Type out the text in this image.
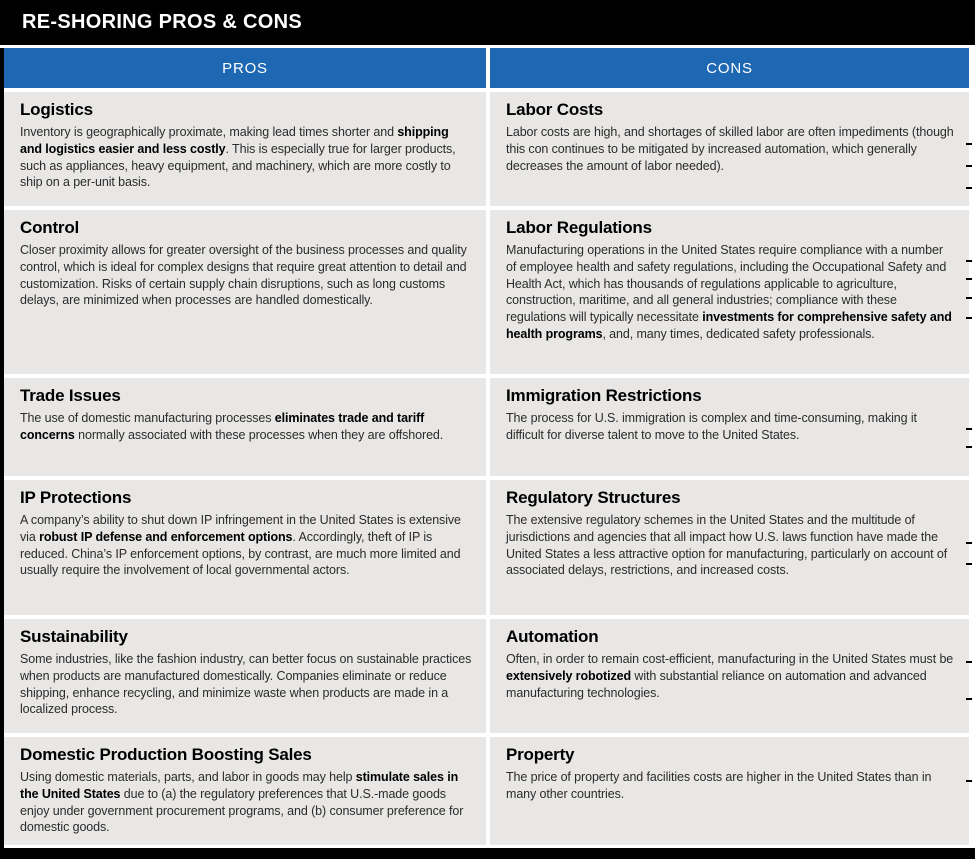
RE-SHORING PROS & CONS
PROS	CONS
Logistics

Inventory is geographically proximate, making lead times shorter and shipping and logistics easier and less costly. This is especially true for larger products, such as appliances, heavy equipment, and machinery, which are more costly to ship on a per-unit basis.

Labor Costs

Labor costs are high, and shortages of skilled labor are often impediments (though this con continues to be mitigated by increased automation, which generally decreases the amount of labor needed).

Control

Closer proximity allows for greater oversight of the business processes and quality control, which is ideal for complex designs that require great attention to detail and customization. Risks of certain supply chain disruptions, such as long customs delays, are minimized when processes are handled domestically.

Labor Regulations

Manufacturing operations in the United States require compliance with a number of employee health and safety regulations, including the Occupational Safety and Health Act, which has thousands of regulations applicable to agriculture, construction, maritime, and all general industries; compliance with these regulations will typically necessitate investments for comprehensive safety and health programs, and, many times, dedicated safety professionals.

Trade Issues

The use of domestic manufacturing processes eliminates trade and tariff concerns normally associated with these processes when they are offshored.

Immigration Restrictions

The process for U.S. immigration is complex and time-consuming, making it difficult for diverse talent to move to the United States.

IP Protections

A company’s ability to shut down IP infringement in the United States is extensive via robust IP defense and enforcement options. Accordingly, theft of IP is reduced. China’s IP enforcement options, by contrast, are much more limited and usually require the involvement of local governmental actors.

Regulatory Structures

The extensive regulatory schemes in the United States and the multitude of jurisdictions and agencies that all impact how U.S. laws function have made the United States a less attractive option for manufacturing, particularly on account of associated delays, restrictions, and increased costs.

Sustainability

Some industries, like the fashion industry, can better focus on sustainable practices when products are manufactured domestically. Companies eliminate or reduce shipping, enhance recycling, and minimize waste when products are made in a localized process.

Automation

Often, in order to remain cost-efficient, manufacturing in the United States must be extensively robotized with substantial reliance on automation and advanced manufacturing technologies.

Domestic Production Boosting Sales

Using domestic materials, parts, and labor in goods may help stimulate sales in the United States due to (a) the regulatory preferences that U.S.-made goods enjoy under government procurement programs, and (b) consumer preference for domestic goods.

Property

The price of property and facilities costs are higher in the United States than in many other countries.
